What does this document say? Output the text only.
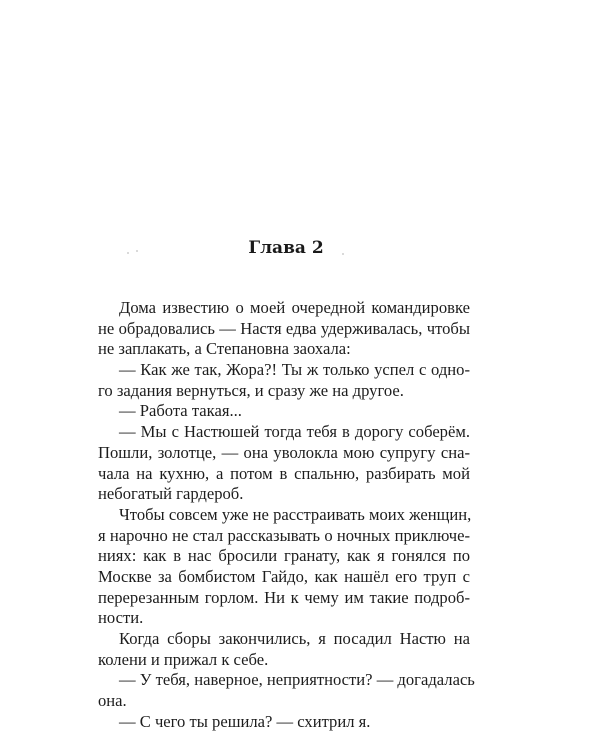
Глава 2
Дома известию о моей очередной командировке
не обрадовались — Настя едва удерживалась, чтобы
не заплакать, а Степановна заохала:
— Как же так, Жора?! Ты ж только успел с одно-
го задания вернуться, и сразу же на другое.
— Работа такая...
— Мы с Настюшей тогда тебя в дорогу соберём.
Пошли, золотце, — она уволокла мою супругу сна-
чала на кухню, а потом в спальню, разбирать мой
небогатый гардероб.
Чтобы совсем уже не расстраивать моих женщин,
я нарочно не стал рассказывать о ночных приключе-
ниях: как в нас бросили гранату, как я гонялся по
Москве за бомбистом Гайдо, как нашёл его труп с
перерезанным горлом. Ни к чему им такие подроб-
ности.
Когда сборы закончились, я посадил Настю на
колени и прижал к себе.
— У тебя, наверное, неприятности? — догадалась
она.
— С чего ты решила? — схитрил я.
